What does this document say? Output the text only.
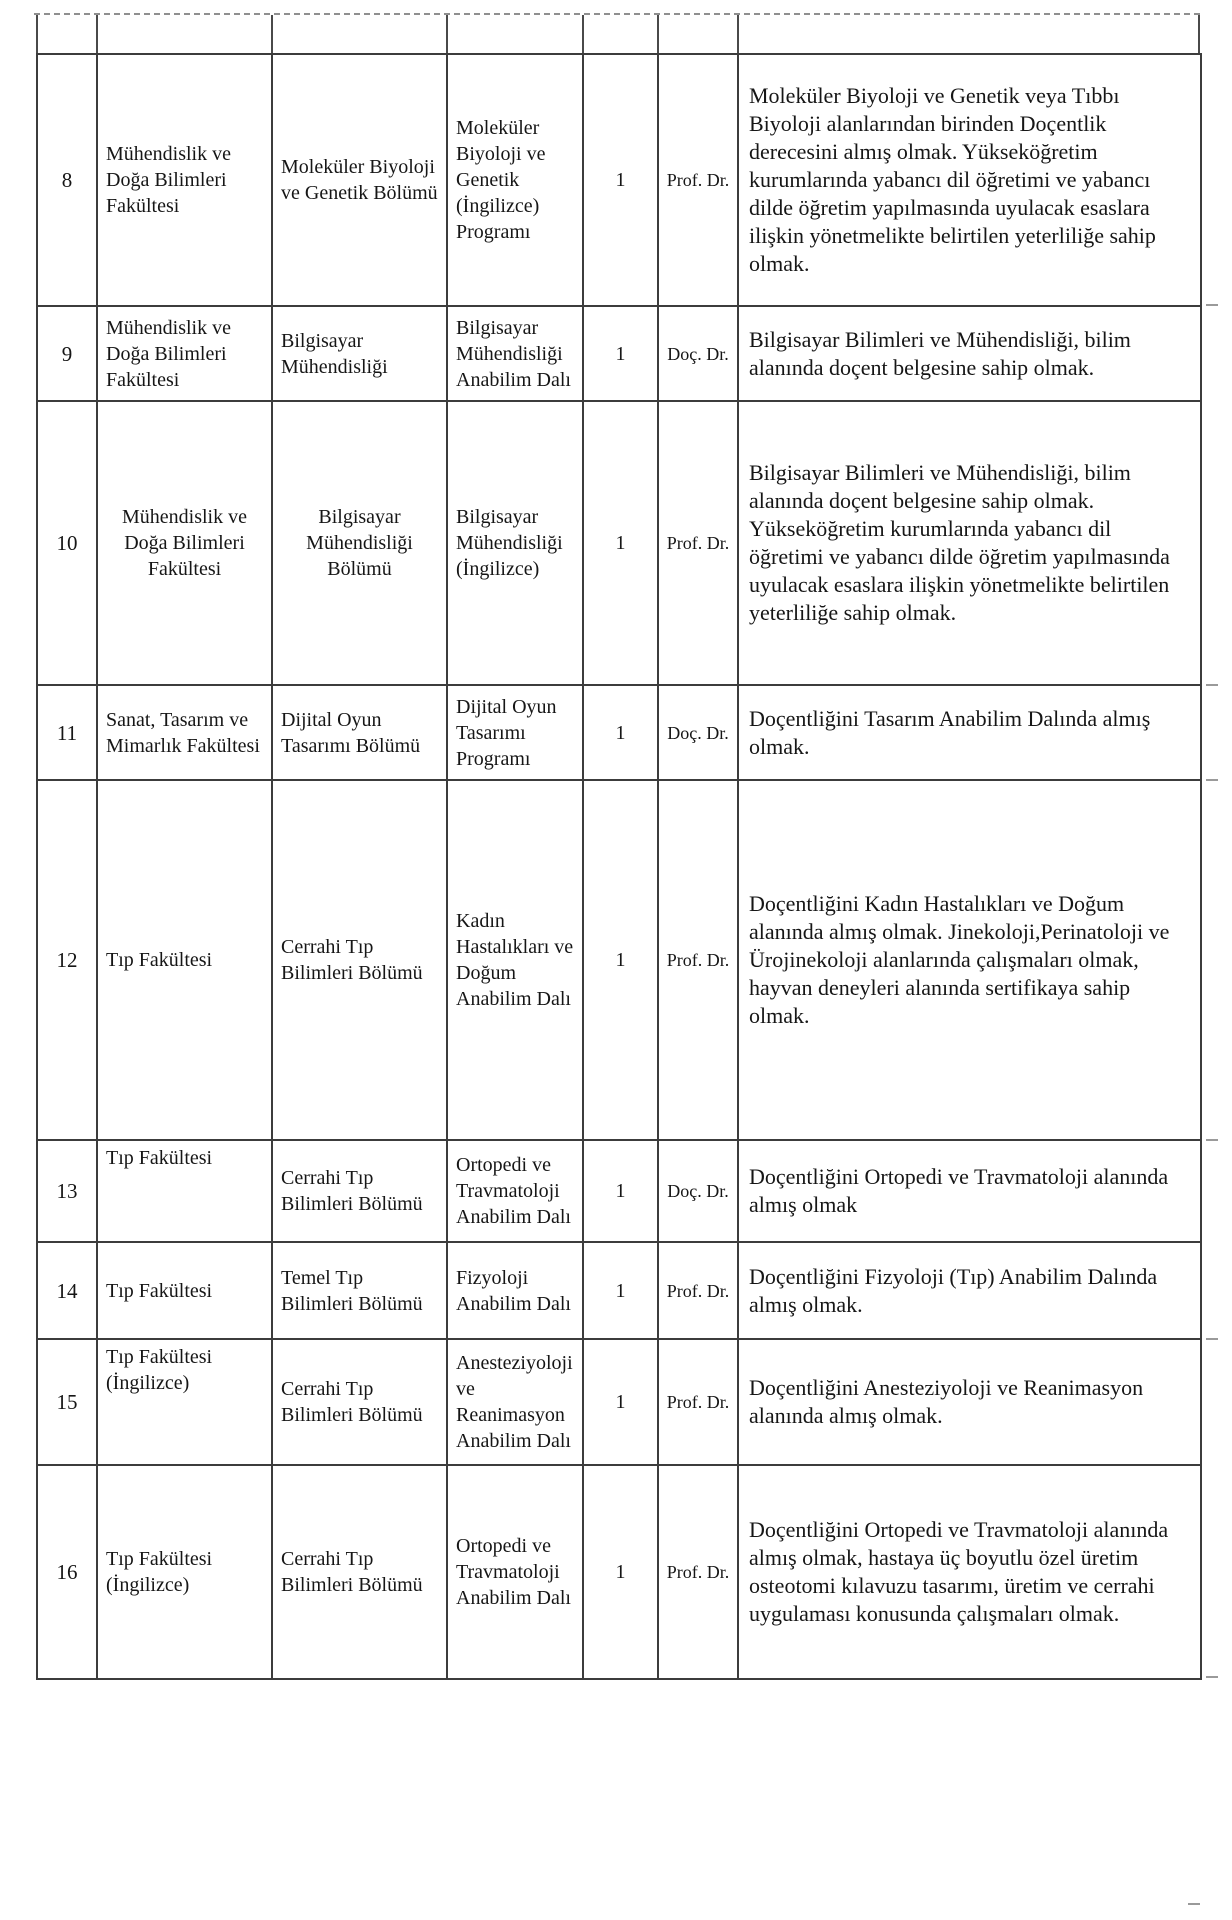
8	Mühendislik ve Doğa Bilimleri Fakültesi	Moleküler Biyoloji ve Genetik Bölümü	Moleküler Biyoloji ve Genetik (İngilizce) Programı	1	Prof. Dr.	Moleküler Biyoloji ve Genetik veya Tıbbı Biyoloji alanlarından birinden Doçentlik derecesini almış olmak. Yükseköğretim kurumlarında yabancı dil öğretimi ve yabancı dilde öğretim yapılmasında uyulacak esaslara ilişkin yönetmelikte belirtilen yeterliliğe sahip olmak.
9	Mühendislik ve Doğa Bilimleri Fakültesi	Bilgisayar Mühendisliği	Bilgisayar Mühendisliği Anabilim Dalı	1	Doç. Dr.	Bilgisayar Bilimleri ve Mühendisliği, bilim alanında doçent belgesine sahip olmak.
10	Mühendislik ve Doğa Bilimleri Fakültesi	Bilgisayar Mühendisliği Bölümü	Bilgisayar Mühendisliği (İngilizce)	1	Prof. Dr.	Bilgisayar Bilimleri ve Mühendisliği, bilim alanında doçent belgesine sahip olmak. Yükseköğretim kurumlarında yabancı dil öğretimi ve yabancı dilde öğretim yapılmasında uyulacak esaslara ilişkin yönetmelikte belirtilen yeterliliğe sahip olmak.
11	Sanat, Tasarım ve Mimarlık Fakültesi	Dijital Oyun Tasarımı Bölümü	Dijital Oyun Tasarımı Programı	1	Doç. Dr.	Doçentliğini Tasarım Anabilim Dalında almış olmak.
12	Tıp Fakültesi	Cerrahi Tıp Bilimleri Bölümü	Kadın Hastalıkları ve Doğum Anabilim Dalı	1	Prof. Dr.	Doçentliğini Kadın Hastalıkları ve Doğum alanında almış olmak. Jinekoloji,Perinatoloji ve Ürojinekoloji alanlarında çalışmaları olmak, hayvan deneyleri alanında sertifikaya sahip olmak.
13	Tıp Fakültesi	Cerrahi Tıp Bilimleri Bölümü	Ortopedi ve Travmatoloji Anabilim Dalı	1	Doç. Dr.	Doçentliğini Ortopedi ve Travmatoloji alanında almış olmak
14	Tıp Fakültesi	Temel Tıp Bilimleri Bölümü	Fizyoloji Anabilim Dalı	1	Prof. Dr.	Doçentliğini Fizyoloji (Tıp) Anabilim Dalında almış olmak.
15	Tıp Fakültesi (İngilizce)	Cerrahi Tıp Bilimleri Bölümü	Anesteziyoloji ve Reanimasyon Anabilim Dalı	1	Prof. Dr.	Doçentliğini Anesteziyoloji ve Reanimasyon alanında almış olmak.
16	Tıp Fakültesi (İngilizce)	Cerrahi Tıp Bilimleri Bölümü	Ortopedi ve Travmatoloji Anabilim Dalı	1	Prof. Dr.	Doçentliğini Ortopedi ve Travmatoloji alanında almış olmak, hastaya üç boyutlu özel üretim osteotomi kılavuzu tasarımı, üretim ve cerrahi uygulaması konusunda çalışmaları olmak.
